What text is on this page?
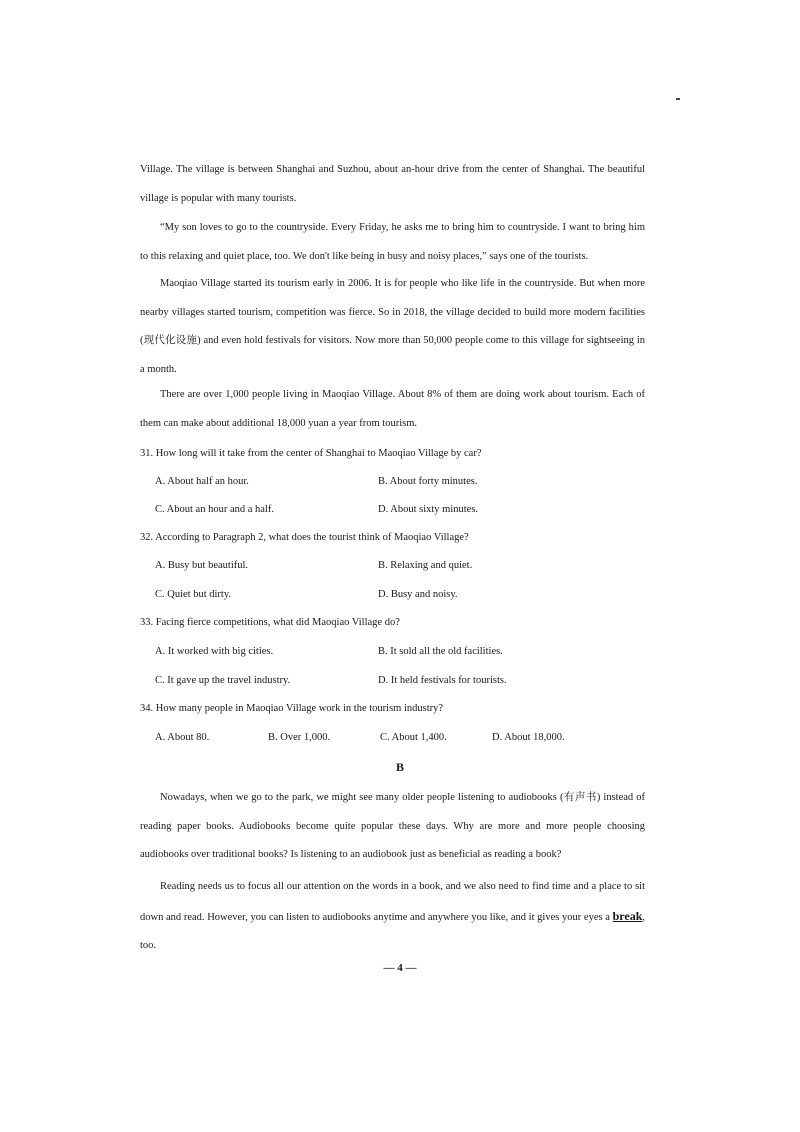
Village. The village is between Shanghai and Suzhou, about an-hour drive from the center of Shanghai. The beautiful village is popular with many tourists.

“My son loves to go to the countryside. Every Friday, he asks me to bring him to countryside. I want to bring him to this relaxing and quiet place, too. We don't like being in busy and noisy places,” says one of the tourists.

Maoqiao Village started its tourism early in 2006. It is for people who like life in the countryside. But when more nearby villages started tourism, competition was fierce. So in 2018, the village decided to build more modern facilities (现代化设施) and even hold festivals for visitors. Now more than 50,000 people come to this village for sightseeing in a month.

There are over 1,000 people living in Maoqiao Village. About 8% of them are doing work about tourism. Each of them can make about additional 18,000 yuan a year from tourism.

31. How long will it take from the center of Shanghai to Maoqiao Village by car?

A. About half an hour.	B. About forty minutes.
C. About an hour and a half.	D. About sixty minutes.

32. According to Paragraph 2, what does the tourist think of Maoqiao Village?

A. Busy but beautiful.	B. Relaxing and quiet.
C. Quiet but dirty.	D. Busy and noisy.

33. Facing fierce competitions, what did Maoqiao Village do?

A. It worked with big cities.	B. It sold all the old facilities.
C. It gave up the travel industry.	D. It held festivals for tourists.

34. How many people in Maoqiao Village work in the tourism industry?

A. About 80.	B. Over 1,000.	C. About 1,400.	D. About 18,000.
B

Nowadays, when we go to the park, we might see many older people listening to audiobooks (有声书) instead of reading paper books. Audiobooks become quite popular these days. Why are more and more people choosing audiobooks over traditional books? Is listening to an audiobook just as beneficial as reading a book?

Reading needs us to focus all our attention on the words in a book, and we also need to find time and a place to sit down and read. However, you can listen to audiobooks anytime and anywhere you like, and it gives your eyes a break, too.

— 4 —
